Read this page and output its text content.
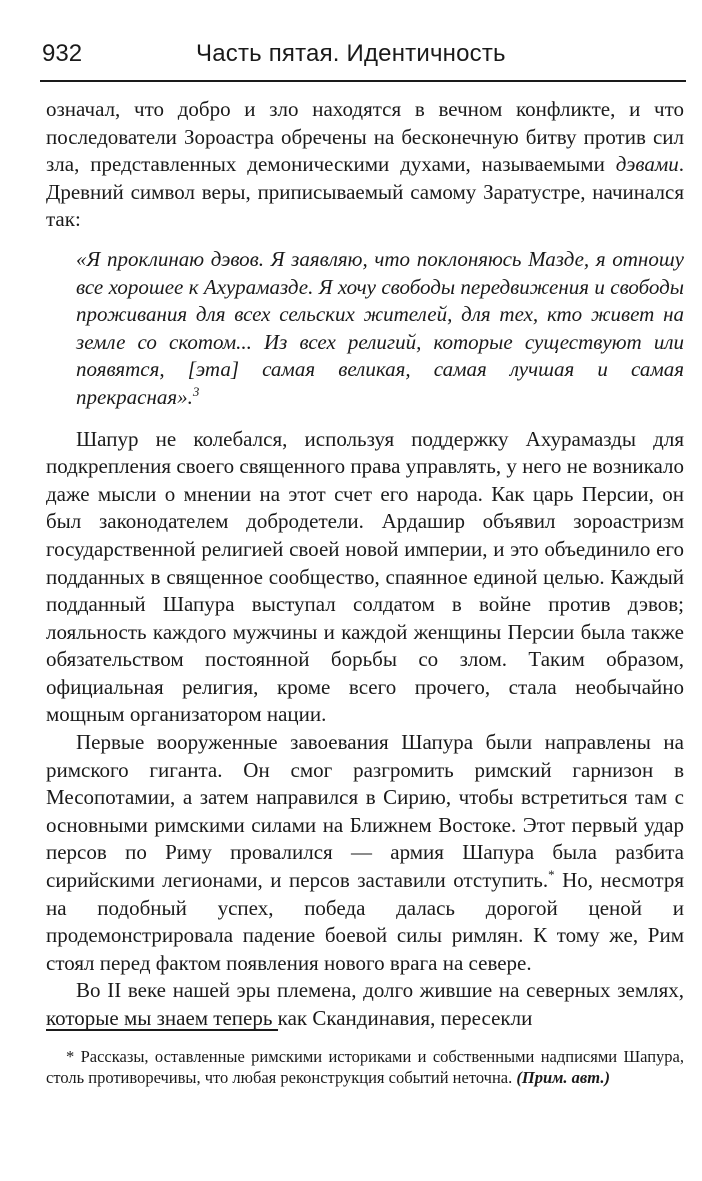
932	Часть пятая. Идентичность

означал, что добро и зло находятся в вечном конфликте, и что последователи Зороастра обречены на бесконечную битву против сил зла, представленных демоническими духами, называемыми дэвами. Древний символ веры, приписываемый самому Заратустре, начинался так:

«Я проклинаю дэвов. Я заявляю, что поклоняюсь Мазде, я отношу все хорошее к Ахурамазде. Я хочу свободы передвижения и свободы проживания для всех сельских жителей, для тех, кто живет на земле со скотом... Из всех религий, которые существуют или появятся, [эта] самая великая, самая лучшая и самая прекрасная».$^3$

Шапур не колебался, используя поддержку Ахурамазды для подкрепления своего священного права управлять, у него не возникало даже мысли о мнении на этот счет его народа. Как царь Персии, он был законодателем добродетели. Ардашир объявил зороастризм государственной религией своей новой империи, и это объединило его подданных в священное сообщество, спаянное единой целью. Каждый подданный Шапура выступал солдатом в войне против дэвов; лояльность каждого мужчины и каждой женщины Персии была также обязательством постоянной борьбы со злом. Таким образом, официальная религия, кроме всего прочего, стала необычайно мощным организатором нации.

Первые вооруженные завоевания Шапура были направлены на римского гиганта. Он смог разгромить римский гарнизон в Месопотамии, а затем направился в Сирию, чтобы встретиться там с основными римскими силами на Ближнем Востоке. Этот первый удар персов по Риму провалился — армия Шапура была разбита сирийскими легионами, и персов заставили отступить.* Но, несмотря на подобный успех, победа далась дорогой ценой и продемонстрировала падение боевой силы римлян. К тому же, Рим стоял перед фактом появления нового врага на севере.

Во II веке нашей эры племена, долго жившие на северных землях, которые мы знаем теперь как Скандинавия, пересекли

* Рассказы, оставленные римскими историками и собственными надписями Шапура, столь противоречивы, что любая реконструкция событий неточна. (Прим. авт.)
